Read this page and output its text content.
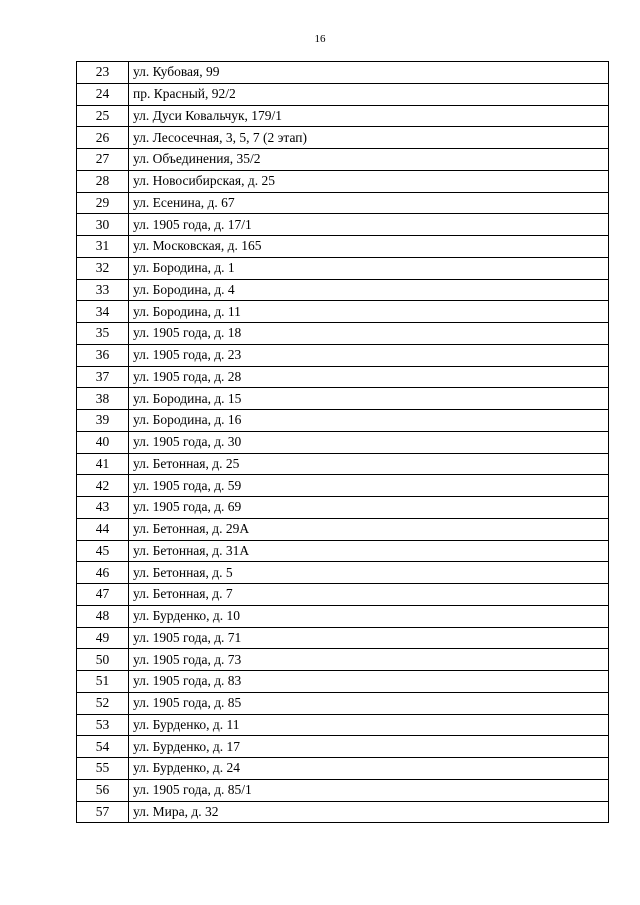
16
23	ул. Кубовая, 99
24	пр. Красный, 92/2
25	ул. Дуси Ковальчук, 179/1
26	ул. Лесосечная, 3, 5, 7 (2 этап)
27	ул. Объединения, 35/2
28	ул. Новосибирская, д. 25
29	ул. Есенина, д. 67
30	ул. 1905 года, д. 17/1
31	ул. Московская, д. 165
32	ул. Бородина, д. 1
33	ул. Бородина, д. 4
34	ул. Бородина, д. 11
35	ул. 1905 года, д. 18
36	ул. 1905 года, д. 23
37	ул. 1905 года, д. 28
38	ул. Бородина, д. 15
39	ул. Бородина, д. 16
40	ул. 1905 года, д. 30
41	ул. Бетонная, д. 25
42	ул. 1905 года, д. 59
43	ул. 1905 года, д. 69
44	ул. Бетонная, д. 29А
45	ул. Бетонная, д. 31А
46	ул. Бетонная, д. 5
47	ул. Бетонная, д. 7
48	ул. Бурденко, д. 10
49	ул. 1905 года, д. 71
50	ул. 1905 года, д. 73
51	ул. 1905 года, д. 83
52	ул. 1905 года, д. 85
53	ул. Бурденко, д. 11
54	ул. Бурденко, д. 17
55	ул. Бурденко, д. 24
56	ул. 1905 года, д. 85/1
57	ул. Мира, д. 32
